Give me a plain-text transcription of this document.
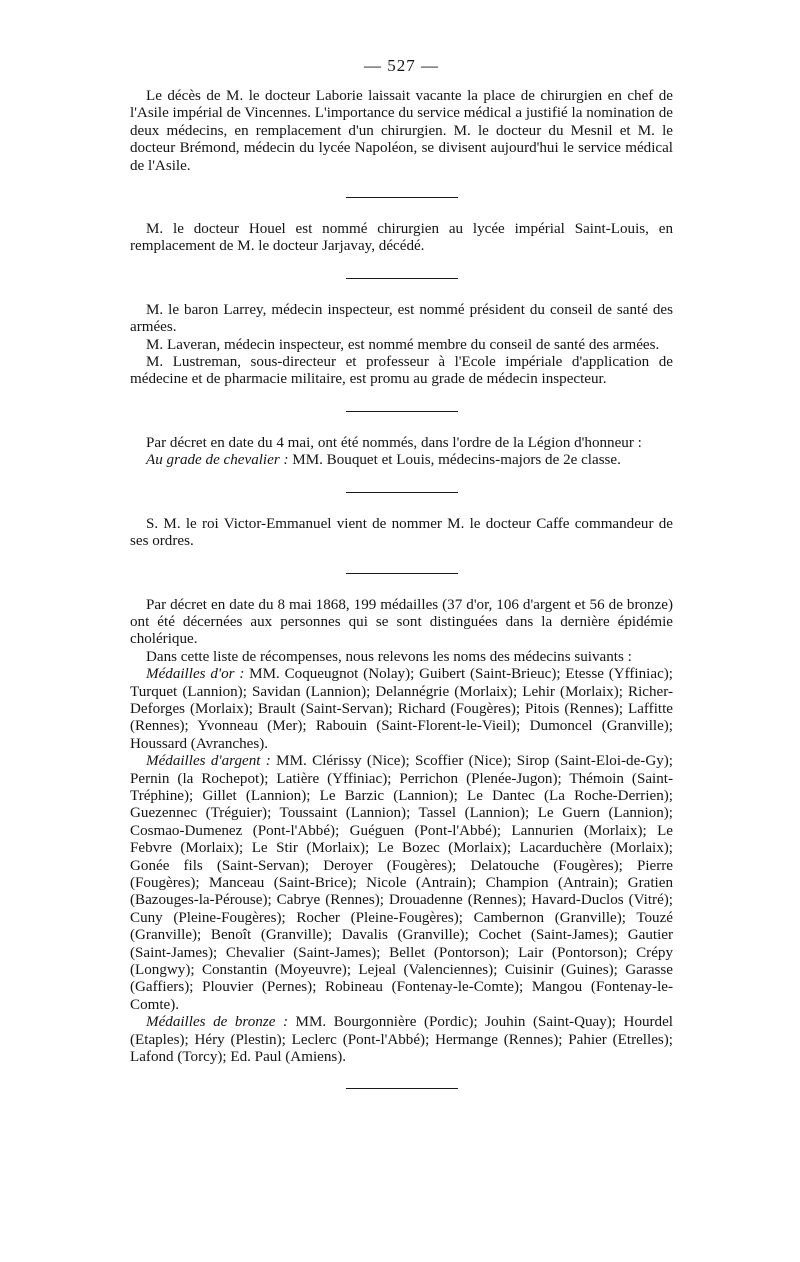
— 527 —

Le décès de M. le docteur Laborie laissait vacante la place de chirurgien en chef de l'Asile impérial de Vincennes. L'importance du service médical a justifié la nomination de deux médecins, en remplacement d'un chirurgien. M. le docteur du Mesnil et M. le docteur Brémond, médecin du lycée Napoléon, se divisent aujourd'hui le service médical de l'Asile.

M. le docteur Houel est nommé chirurgien au lycée impérial Saint-Louis, en remplacement de M. le docteur Jarjavay, décédé.

M. le baron Larrey, médecin inspecteur, est nommé président du conseil de santé des armées.

M. Laveran, médecin inspecteur, est nommé membre du conseil de santé des armées.

M. Lustreman, sous-directeur et professeur à l'Ecole impériale d'application de médecine et de pharmacie militaire, est promu au grade de médecin inspecteur.

Par décret en date du 4 mai, ont été nommés, dans l'ordre de la Légion d'honneur :

Au grade de chevalier : MM. Bouquet et Louis, médecins-majors de 2e classe.

S. M. le roi Victor-Emmanuel vient de nommer M. le docteur Caffe commandeur de ses ordres.

Par décret en date du 8 mai 1868, 199 médailles (37 d'or, 106 d'argent et 56 de bronze) ont été décernées aux personnes qui se sont distinguées dans la dernière épidémie cholérique.

Dans cette liste de récompenses, nous relevons les noms des médecins suivants :

Médailles d'or : MM. Coqueugnot (Nolay); Guibert (Saint-Brieuc); Etesse (Yffiniac); Turquet (Lannion); Savidan (Lannion); Delannégrie (Morlaix); Lehir (Morlaix); Richer-Deforges (Morlaix); Brault (Saint-Servan); Richard (Fougères); Pitois (Rennes); Laffitte (Rennes); Yvonneau (Mer); Rabouin (Saint-Florent-le-Vieil); Dumoncel (Granville); Houssard (Avranches).

Médailles d'argent : MM. Clérissy (Nice); Scoffier (Nice); Sirop (Saint-Eloi-de-Gy); Pernin (la Rochepot); Latière (Yffiniac); Perrichon (Plenée-Jugon); Thémoin (Saint-Tréphine); Gillet (Lannion); Le Barzic (Lannion); Le Dantec (La Roche-Derrien); Guezennec (Tréguier); Toussaint (Lannion); Tassel (Lannion); Le Guern (Lannion); Cosmao-Dumenez (Pont-l'Abbé); Guéguen (Pont-l'Abbé); Lannurien (Morlaix); Le Febvre (Morlaix); Le Stir (Morlaix); Le Bozec (Morlaix); Lacarduchère (Morlaix); Gonée fils (Saint-Servan); Deroyer (Fougères); Delatouche (Fougères); Pierre (Fougères); Manceau (Saint-Brice); Nicole (Antrain); Champion (Antrain); Gratien (Bazouges-la-Pérouse); Cabrye (Rennes); Drouadenne (Rennes); Havard-Duclos (Vitré); Cuny (Pleine-Fougères); Rocher (Pleine-Fougères); Cambernon (Granville); Touzé (Granville); Benoît (Granville); Davalis (Granville); Cochet (Saint-James); Gautier (Saint-James); Chevalier (Saint-James); Bellet (Pontorson); Lair (Pontorson); Crépy (Longwy); Constantin (Moyeuvre); Lejeal (Valenciennes); Cuisinir (Guines); Garasse (Gaffiers); Plouvier (Pernes); Robineau (Fontenay-le-Comte); Mangou (Fontenay-le-Comte).

Médailles de bronze : MM. Bourgonnière (Pordic); Jouhin (Saint-Quay); Hourdel (Etaples); Héry (Plestin); Leclerc (Pont-l'Abbé); Hermange (Rennes); Pahier (Etrelles); Lafond (Torcy); Ed. Paul (Amiens).
